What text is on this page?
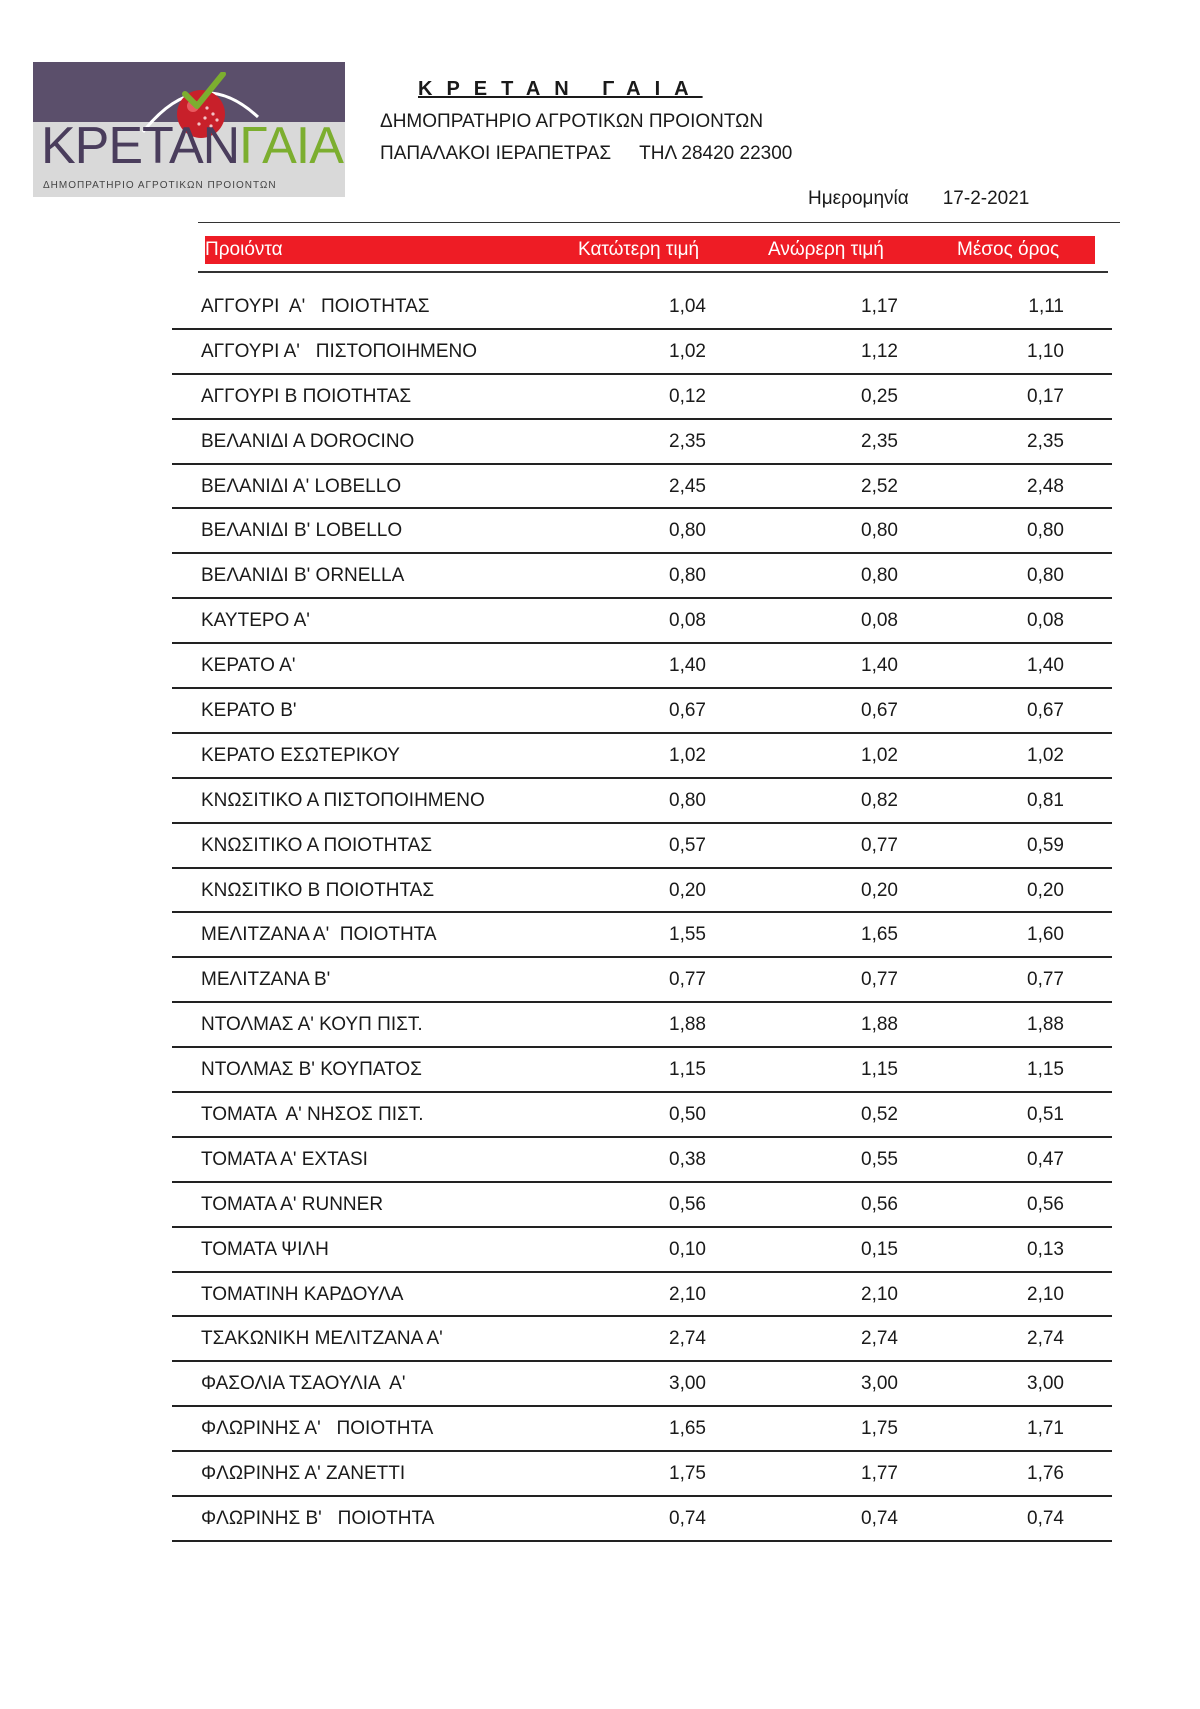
ΚΡΕΤΑΝΓΑΙΑ
ΔΗΜΟΠΡΑΤΗΡΙΟ ΑΓΡΟΤΙΚΩΝ ΠΡΟΙΟΝΤΩΝ
ΚΡΕΤΑΝ ΓΑΙΑ
ΔΗΜΟΠΡΑΤΗΡΙΟ ΑΓΡΟΤΙΚΩΝ ΠΡΟΙΟΝΤΩΝ
ΠΑΠΑΛΑΚΟΙ ΙΕΡΑΠΕΤΡΑΣ ΤΗΛ 28420 22300
Ημερομηνία 17-2-2021
Προιόντα	Κατώτερη τιμή	Ανώρερη τιμή	Μέσος όρος
ΑΓΓΟΥΡΙ  Α'   ΠΟΙΟΤΗΤΑΣ	1,04	1,17	1,11
ΑΓΓΟΥΡΙ Α'   ΠΙΣΤΟΠΟΙΗΜΕΝΟ	1,02	1,12	1,10
ΑΓΓΟΥΡΙ Β ΠΟΙΟΤΗΤΑΣ	0,12	0,25	0,17
ΒΕΛΑΝΙΔΙ Α DOROCINO	2,35	2,35	2,35
ΒΕΛΑΝΙΔΙ Α' LOBELLO	2,45	2,52	2,48
ΒΕΛΑΝΙΔΙ Β' LOBELLO	0,80	0,80	0,80
ΒΕΛΑΝΙΔΙ Β' ORNELLA	0,80	0,80	0,80
ΚΑΥΤΕΡΟ Α'	0,08	0,08	0,08
ΚΕΡΑΤΟ Α'	1,40	1,40	1,40
ΚΕΡΑΤΟ Β'	0,67	0,67	0,67
ΚΕΡΑΤΟ ΕΣΩΤΕΡΙΚΟΥ	1,02	1,02	1,02
ΚΝΩΣΙΤΙΚΟ Α ΠΙΣΤΟΠΟΙΗΜΕΝΟ	0,80	0,82	0,81
ΚΝΩΣΙΤΙΚΟ Α ΠΟΙΟΤΗΤΑΣ	0,57	0,77	0,59
ΚΝΩΣΙΤΙΚΟ Β ΠΟΙΟΤΗΤΑΣ	0,20	0,20	0,20
ΜΕΛΙΤΖΑΝΑ Α'  ΠΟΙΟΤΗΤΑ	1,55	1,65	1,60
ΜΕΛΙΤΖΑΝΑ Β'	0,77	0,77	0,77
ΝΤΟΛΜΑΣ Α' ΚΟΥΠ ΠΙΣΤ.	1,88	1,88	1,88
ΝΤΟΛΜΑΣ Β' ΚΟΥΠΑΤΟΣ	1,15	1,15	1,15
ΤΟΜΑΤΑ  Α' ΝΗΣΟΣ ΠΙΣΤ.	0,50	0,52	0,51
ΤΟΜΑΤΑ Α' EXTASI	0,38	0,55	0,47
ΤΟΜΑΤΑ Α' RUNNER	0,56	0,56	0,56
ΤΟΜΑΤΑ ΨΙΛΗ	0,10	0,15	0,13
ΤΟΜΑΤΙΝΗ ΚΑΡΔΟΥΛΑ	2,10	2,10	2,10
ΤΣΑΚΩΝΙΚΗ ΜΕΛΙΤΖΑΝΑ Α'	2,74	2,74	2,74
ΦΑΣΟΛΙΑ ΤΣΑΟΥΛΙΑ  Α'	3,00	3,00	3,00
ΦΛΩΡΙΝΗΣ Α'   ΠΟΙΟΤΗΤΑ	1,65	1,75	1,71
ΦΛΩΡΙΝΗΣ Α' ΖΑΝΕΤΤΙ	1,75	1,77	1,76
ΦΛΩΡΙΝΗΣ Β'   ΠΟΙΟΤΗΤΑ	0,74	0,74	0,74
